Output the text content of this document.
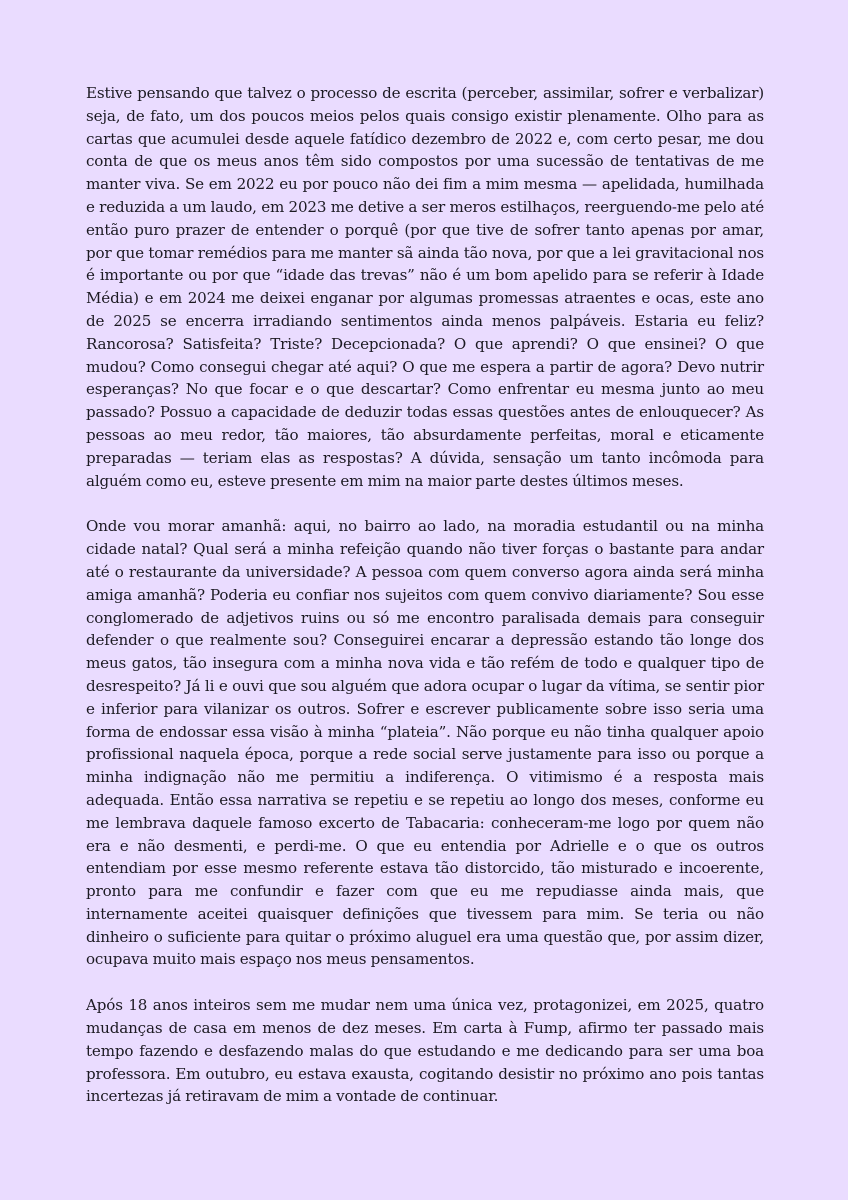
Estive pensando que talvez o processo de escrita (perceber, assimilar, sofrer e verbalizar) seja, de fato, um dos poucos meios pelos quais consigo existir plenamente. Olho para as cartas que acumulei desde aquele fatídico dezembro de 2022 e, com certo pesar, me dou conta de que os meus anos têm sido compostos por uma sucessão de tentativas de me manter viva. Se em 2022 eu por pouco não dei fim a mim mesma — apelidada, humilhada e reduzida a um laudo, em 2023 me detive a ser meros estilhaços, reerguendo-me pelo até então puro prazer de entender o porquê (por que tive de sofrer tanto apenas por amar, por que tomar remédios para me manter sã ainda tão nova, por que a lei gravitacional nos é importante ou por que “idade das trevas” não é um bom apelido para se referir à Idade Média) e em 2024 me deixei enganar por algumas promessas atraentes e ocas, este ano de 2025 se encerra irradiando sentimentos ainda menos palpáveis. Estaria eu feliz? Rancorosa? Satisfeita? Triste? Decepcionada? O que aprendi? O que ensinei? O que mudou? Como consegui chegar até aqui? O que me espera a partir de agora? Devo nutrir esperanças? No que focar e o que descartar? Como enfrentar eu mesma junto ao meu passado? Possuo a capacidade de deduzir todas essas questões antes de enlouquecer? As pessoas ao meu redor, tão maiores, tão absurdamente perfeitas, moral e eticamente preparadas — teriam elas as respostas? A dúvida, sensação um tanto incômoda para alguém como eu, esteve presente em mim na maior parte destes últimos meses.

Onde vou morar amanhã: aqui, no bairro ao lado, na moradia estudantil ou na minha cidade natal? Qual será a minha refeição quando não tiver forças o bastante para andar até o restaurante da universidade? A pessoa com quem converso agora ainda será minha amiga amanhã? Poderia eu confiar nos sujeitos com quem convivo diariamente? Sou esse conglomerado de adjetivos ruins ou só me encontro paralisada demais para conseguir defender o que realmente sou? Conseguirei encarar a depressão estando tão longe dos meus gatos, tão insegura com a minha nova vida e tão refém de todo e qualquer tipo de desrespeito? Já li e ouvi que sou alguém que adora ocupar o lugar da vítima, se sentir pior e inferior para vilanizar os outros. Sofrer e escrever publicamente sobre isso seria uma forma de endossar essa visão à minha “plateia”. Não porque eu não tinha qualquer apoio profissional naquela época, porque a rede social serve justamente para isso ou porque a minha indignação não me permitiu a indiferença. O vitimismo é a resposta mais adequada. Então essa narrativa se repetiu e se repetiu ao longo dos meses, conforme eu me lembrava daquele famoso excerto de Tabacaria: conheceram-me logo por quem não era e não desmenti, e perdi-me. O que eu entendia por Adrielle e o que os outros entendiam por esse mesmo referente estava tão distorcido, tão misturado e incoerente, pronto para me confundir e fazer com que eu me repudiasse ainda mais, que internamente aceitei quaisquer definições que tivessem para mim. Se teria ou não dinheiro o suficiente para quitar o próximo aluguel era uma questão que, por assim dizer, ocupava muito mais espaço nos meus pensamentos.

Após 18 anos inteiros sem me mudar nem uma única vez, protagonizei, em 2025, quatro mudanças de casa em menos de dez meses. Em carta à Fump, afirmo ter passado mais tempo fazendo e desfazendo malas do que estudando e me dedicando para ser uma boa professora. Em outubro, eu estava exausta, cogitando desistir no próximo ano pois tantas incertezas já retiravam de mim a vontade de continuar.
